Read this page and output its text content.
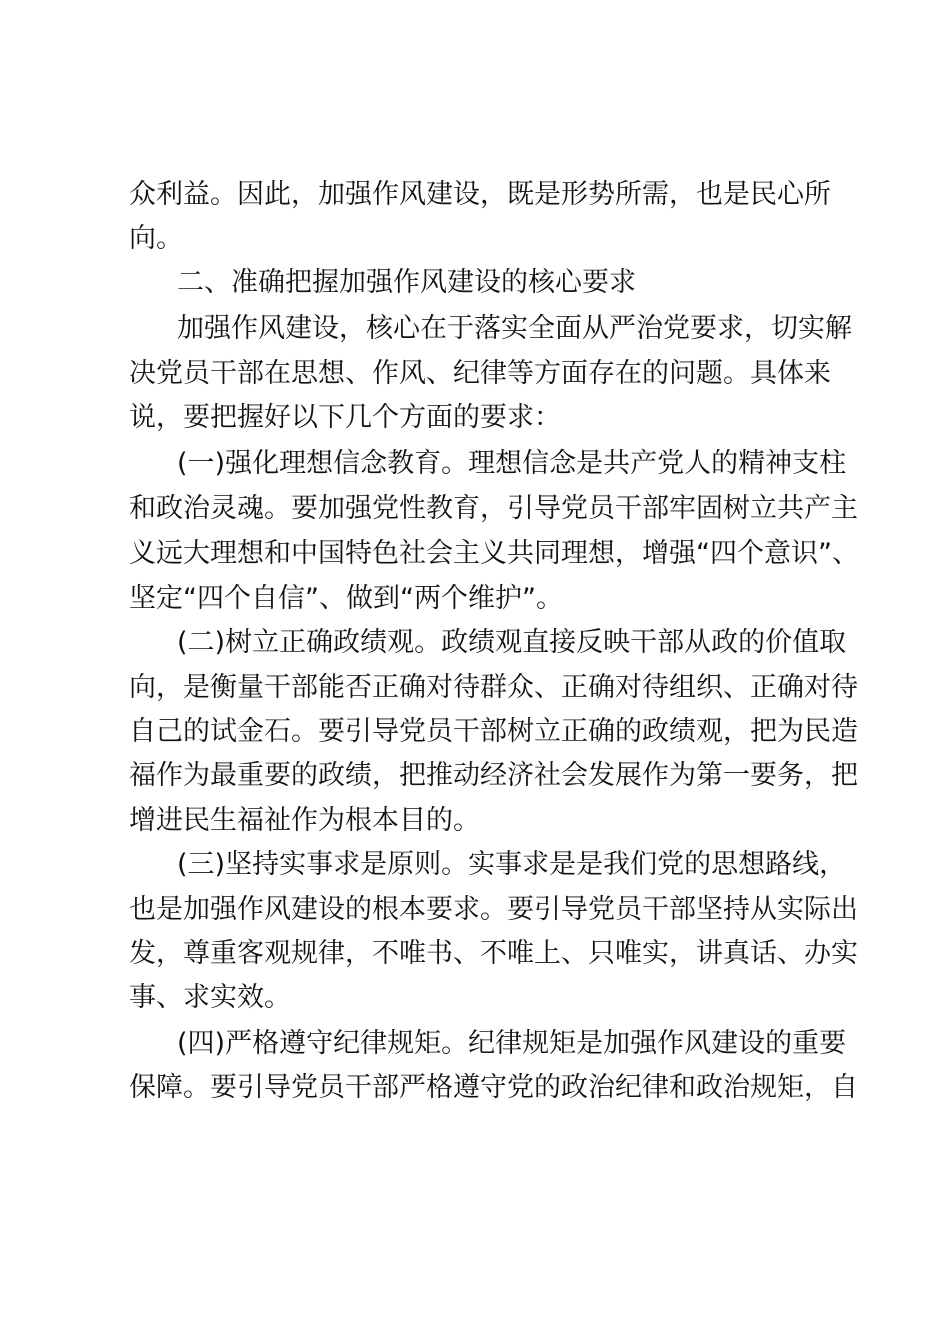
众利益。因此，加强作风建设，既是形势所需，也是民心所

向。

二、准确把握加强作风建设的核心要求

加强作风建设，核心在于落实全面从严治党要求，切实解

决党员干部在思想、作风、纪律等方面存在的问题。具体来

说，要把握好以下几个方面的要求：

(一)强化理想信念教育。理想信念是共产党人的精神支柱

和政治灵魂。要加强党性教育，引导党员干部牢固树立共产主

义远大理想和中国特色社会主义共同理想，增强“四个意识”、

坚定“四个自信”、做到“两个维护”。

(二)树立正确政绩观。政绩观直接反映干部从政的价值取

向，是衡量干部能否正确对待群众、正确对待组织、正确对待

自己的试金石。要引导党员干部树立正确的政绩观，把为民造

福作为最重要的政绩，把推动经济社会发展作为第一要务，把

增进民生福祉作为根本目的。

(三)坚持实事求是原则。实事求是是我们党的思想路线，

也是加强作风建设的根本要求。要引导党员干部坚持从实际出

发，尊重客观规律，不唯书、不唯上、只唯实，讲真话、办实

事、求实效。

(四)严格遵守纪律规矩。纪律规矩是加强作风建设的重要

保障。要引导党员干部严格遵守党的政治纪律和政治规矩，自
